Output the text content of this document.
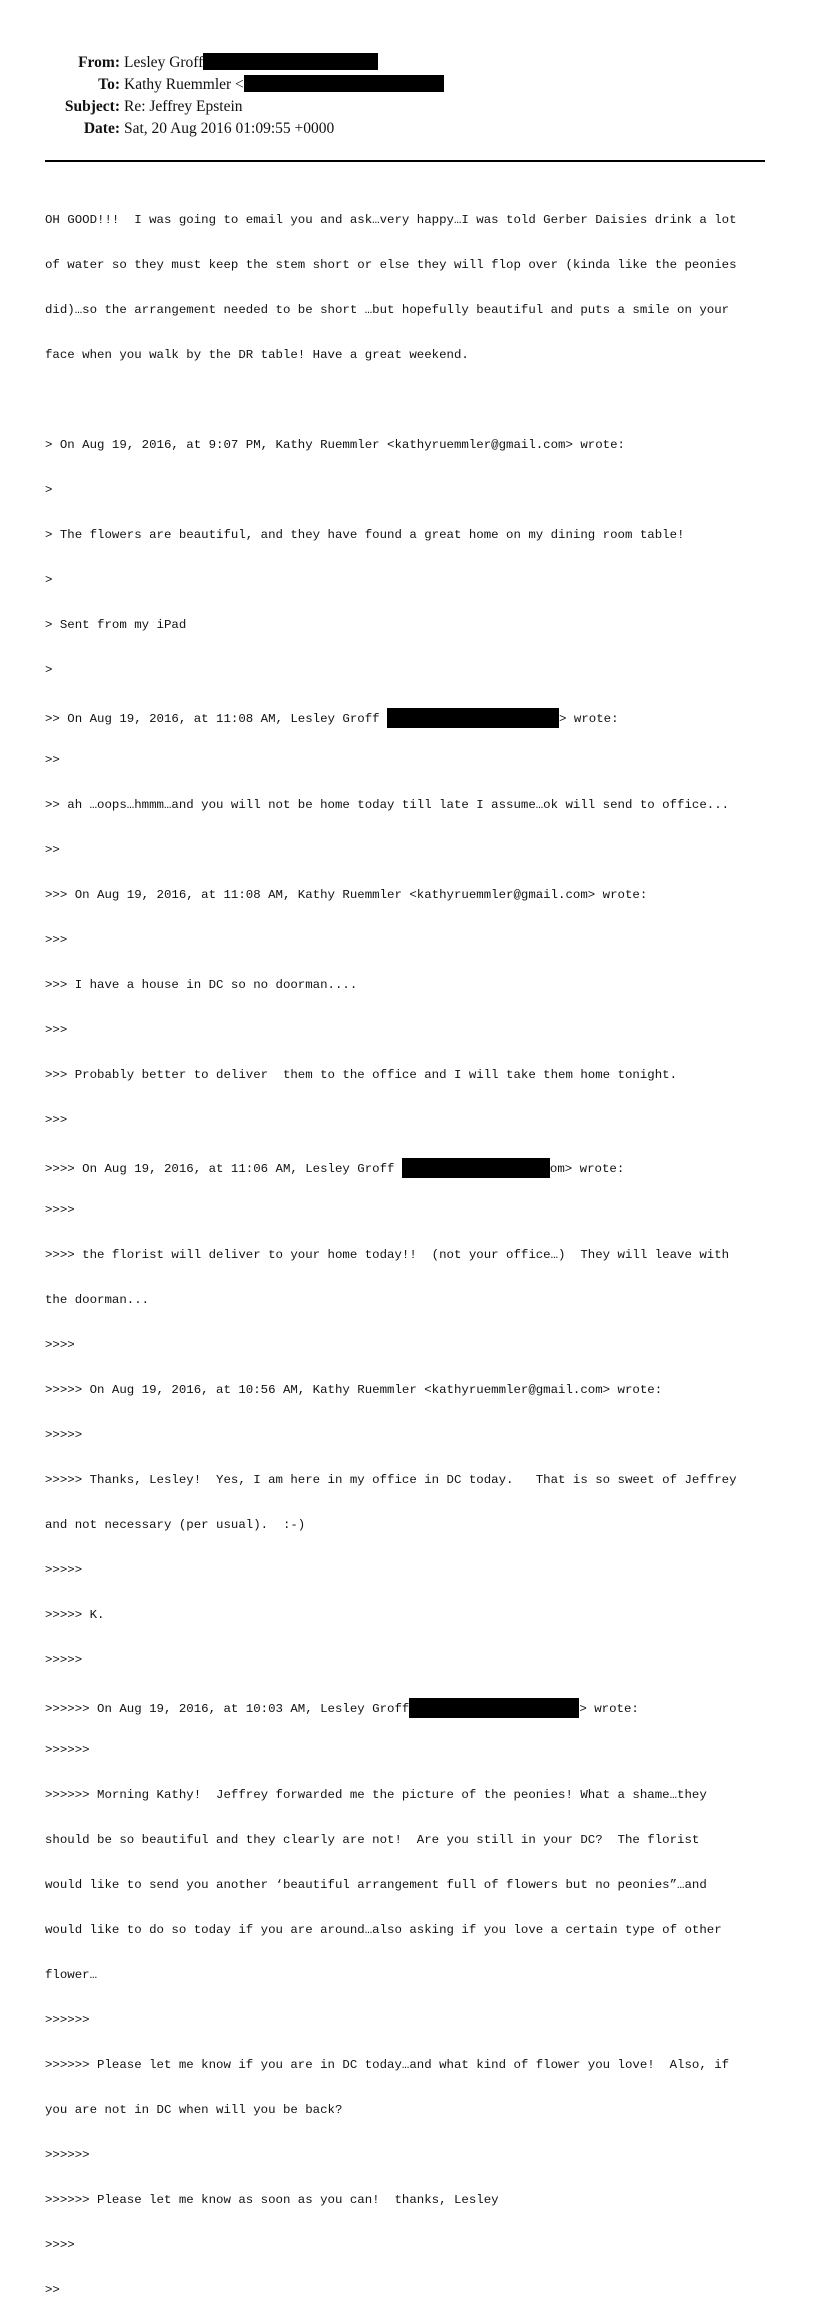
From: Lesley Groff
To: Kathy Ruemmler <
Subject: Re: Jeffrey Epstein
Date: Sat, 20 Aug 2016 01:09:55 +0000

OH GOOD!!!  I was going to email you and ask…very happy…I was told Gerber Daisies drink a lot

of water so they must keep the stem short or else they will flop over (kinda like the peonies

did)…so the arrangement needed to be short …but hopefully beautiful and puts a smile on your

face when you walk by the DR table! Have a great weekend.

> On Aug 19, 2016, at 9:07 PM, Kathy Ruemmler <kathyruemmler@gmail.com> wrote:

>

> The flowers are beautiful, and they have found a great home on my dining room table!

>

> Sent from my iPad

>

>> On Aug 19, 2016, at 11:08 AM, Lesley Groff	> wrote:

>>

>> ah …oops…hmmm…and you will not be home today till late I assume…ok will send to office...

>>

>>> On Aug 19, 2016, at 11:08 AM, Kathy Ruemmler <kathyruemmler@gmail.com> wrote:

>>>

>>> I have a house in DC so no doorman....

>>>

>>> Probably better to deliver  them to the office and I will take them home tonight.

>>>

>>>> On Aug 19, 2016, at 11:06 AM, Lesley Groff	om> wrote:

>>>>

>>>> the florist will deliver to your home today!!  (not your office…)  They will leave with

the doorman...

>>>>

>>>>> On Aug 19, 2016, at 10:56 AM, Kathy Ruemmler <kathyruemmler@gmail.com> wrote:

>>>>>

>>>>> Thanks, Lesley!  Yes, I am here in my office in DC today.   That is so sweet of Jeffrey

and not necessary (per usual).  :-)

>>>>>

>>>>> K.

>>>>>

>>>>>> On Aug 19, 2016, at 10:03 AM, Lesley Groff	> wrote:

>>>>>>

>>>>>> Morning Kathy!  Jeffrey forwarded me the picture of the peonies! What a shame…they

should be so beautiful and they clearly are not!  Are you still in your DC?  The florist

would like to send you another ‘beautiful arrangement full of flowers but no peonies”…and

would like to do so today if you are around…also asking if you love a certain type of other

flower…

>>>>>>

>>>>>> Please let me know if you are in DC today…and what kind of flower you love!  Also, if

you are not in DC when will you be back?

>>>>>>

>>>>>> Please let me know as soon as you can!  thanks, Lesley

>>>>

>>
